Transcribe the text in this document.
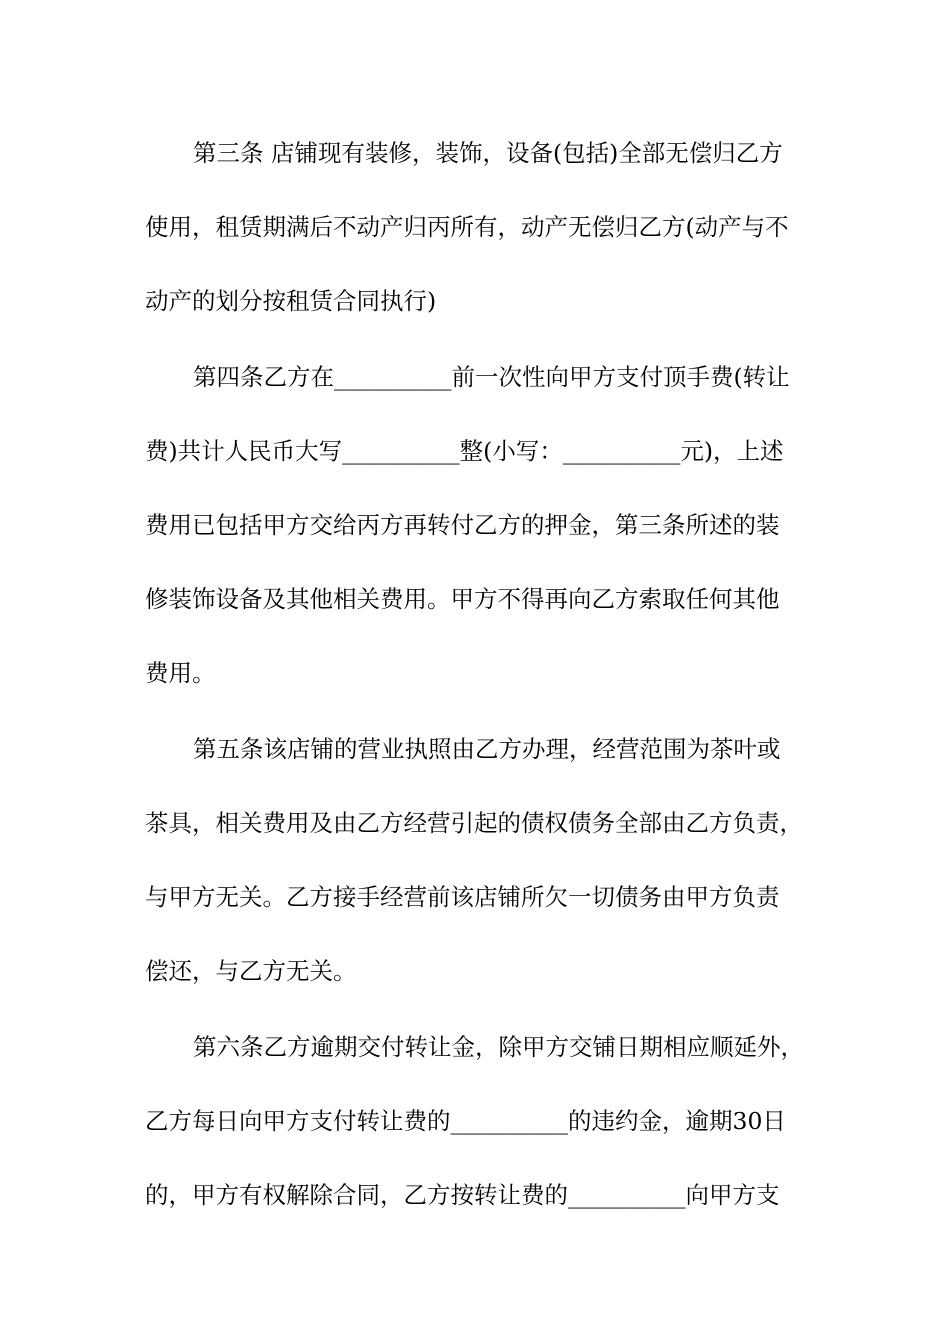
第三条 店铺现有装修，装饰，设备(包括)全部无偿归乙方
使用，租赁期满后不动产归丙所有，动产无偿归乙方(动产与不
动产的划分按租赁合同执行)
第四条乙方在__________前一次性向甲方支付顶手费(转让
费)共计人民币大写__________整(小写：__________元)，上述
费用已包括甲方交给丙方再转付乙方的押金，第三条所述的装
修装饰设备及其他相关费用。甲方不得再向乙方索取任何其他
费用。
第五条该店铺的营业执照由乙方办理，经营范围为茶叶或
茶具，相关费用及由乙方经营引起的债权债务全部由乙方负责，
与甲方无关。乙方接手经营前该店铺所欠一切债务由甲方负责
偿还，与乙方无关。
第六条乙方逾期交付转让金，除甲方交铺日期相应顺延外，
乙方每日向甲方支付转让费的__________的违约金，逾期30日
的，甲方有权解除合同，乙方按转让费的__________向甲方支
